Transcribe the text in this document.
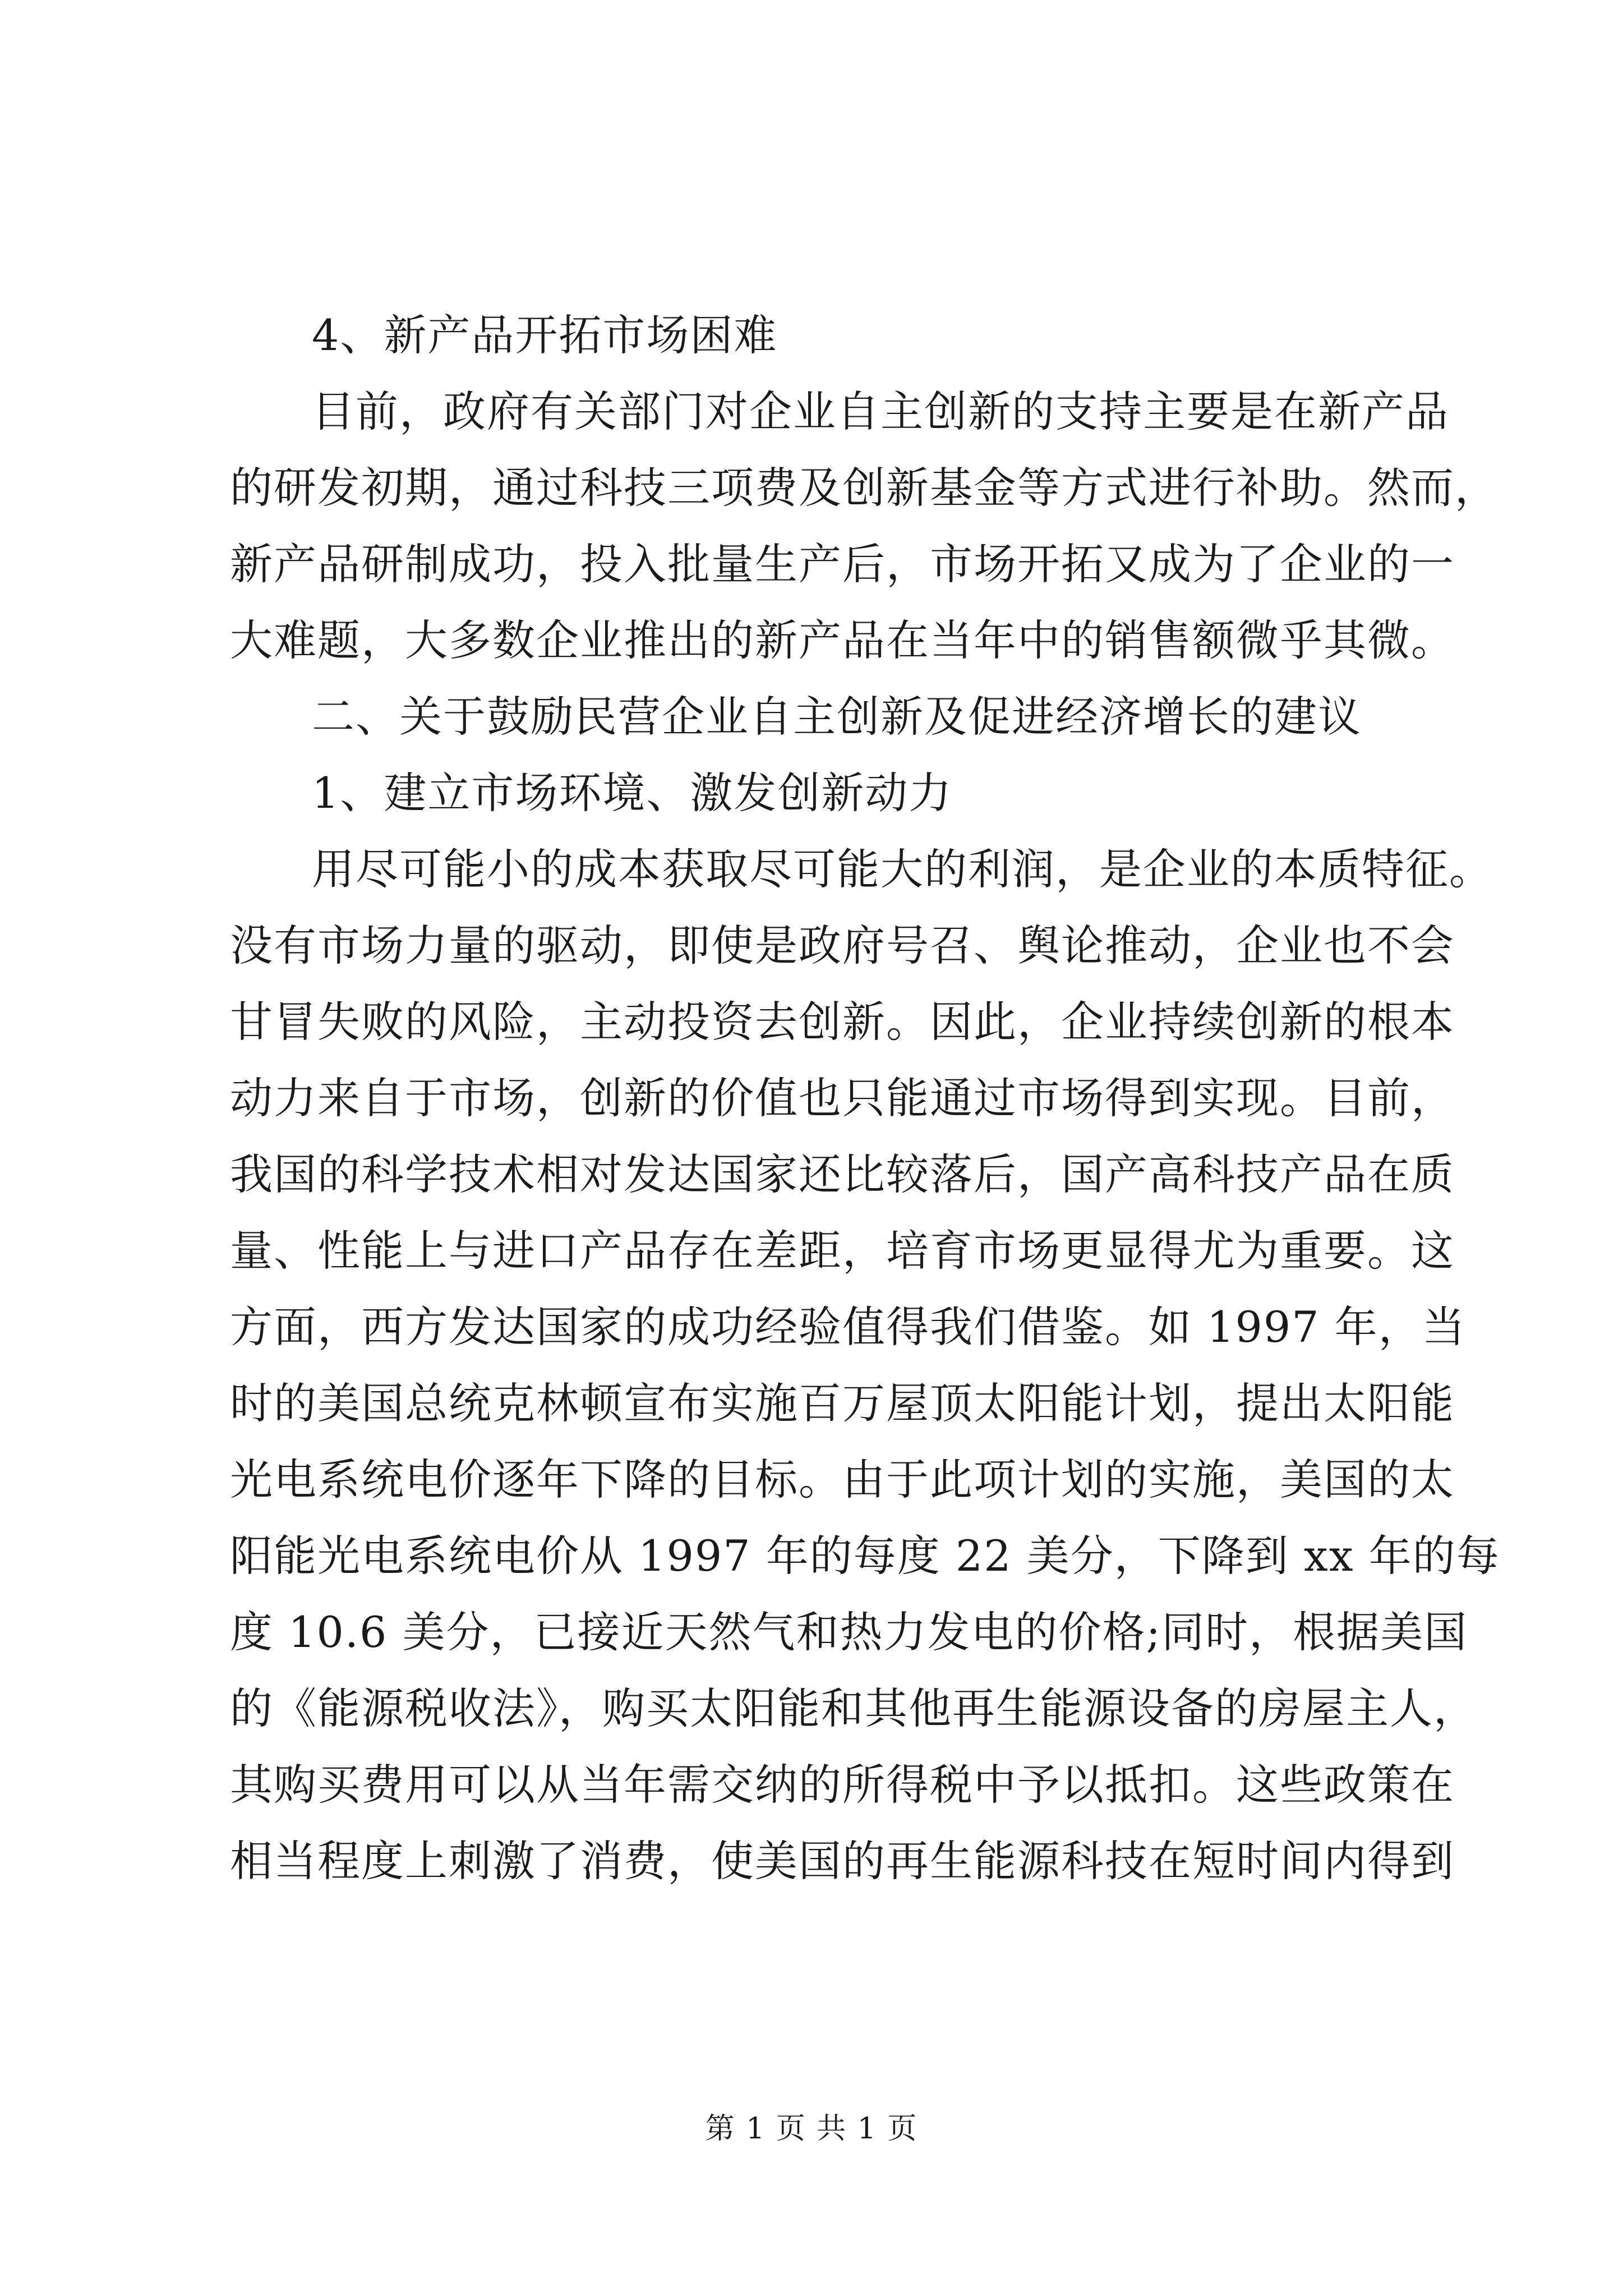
4、新产品开拓市场困难
目前，政府有关部门对企业自主创新的支持主要是在新产品
的研发初期，通过科技三项费及创新基金等方式进行补助。然而，
新产品研制成功，投入批量生产后，市场开拓又成为了企业的一
大难题，大多数企业推出的新产品在当年中的销售额微乎其微。
二、关于鼓励民营企业自主创新及促进经济增长的建议
1、建立市场环境、激发创新动力
用尽可能小的成本获取尽可能大的利润，是企业的本质特征。
没有市场力量的驱动，即使是政府号召、舆论推动，企业也不会
甘冒失败的风险，主动投资去创新。因此，企业持续创新的根本
动力来自于市场，创新的价值也只能通过市场得到实现。目前，
我国的科学技术相对发达国家还比较落后，国产高科技产品在质
量、性能上与进口产品存在差距，培育市场更显得尤为重要。这
方面，西方发达国家的成功经验值得我们借鉴。如 1997 年，当
时的美国总统克林顿宣布实施百万屋顶太阳能计划，提出太阳能
光电系统电价逐年下降的目标。由于此项计划的实施，美国的太
阳能光电系统电价从 1997 年的每度 22 美分，下降到 xx 年的每
度 10.6 美分，已接近天然气和热力发电的价格;同时，根据美国
的《能源税收法》，购买太阳能和其他再生能源设备的房屋主人，
其购买费用可以从当年需交纳的所得税中予以抵扣。这些政策在
相当程度上刺激了消费，使美国的再生能源科技在短时间内得到
第 1 页 共 1 页
